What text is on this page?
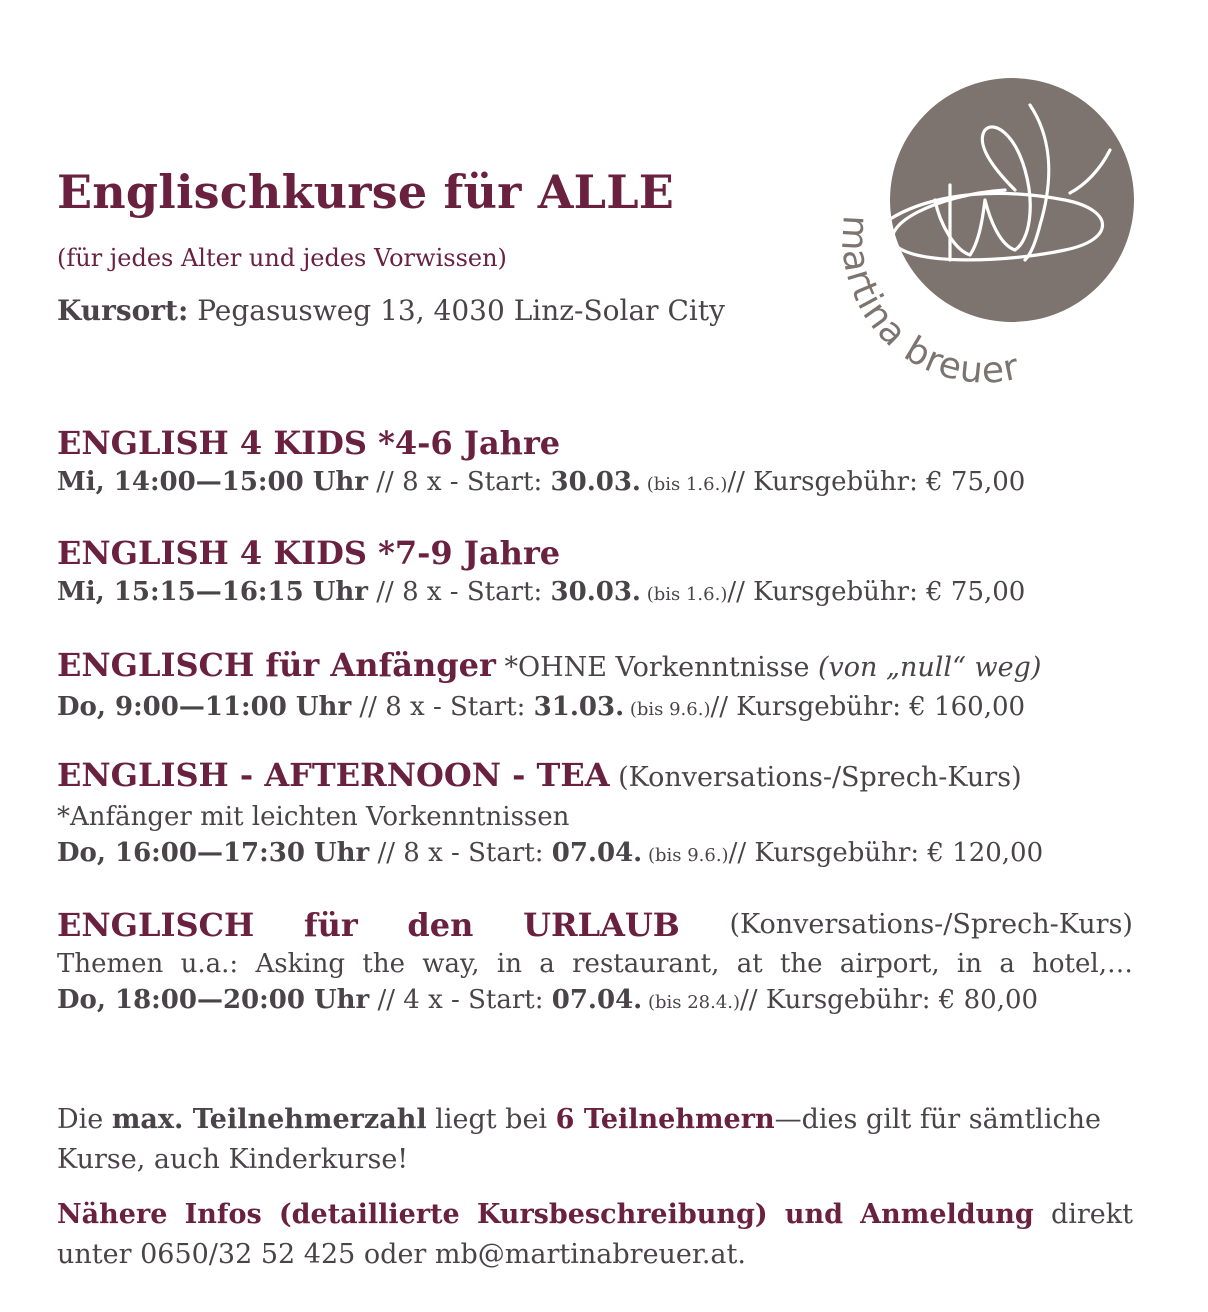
Englischkurse für ALLE
(für jedes Alter und jedes Vorwissen)
Kursort: Pegasusweg 13, 4030 Linz-Solar City
martina breuer
ENGLISH 4 KIDS *4-6 Jahre
Mi, 14:00—15:00 Uhr // 8 x - Start: 30.03. (bis 1.6.)// Kursgebühr: € 75,00
ENGLISH 4 KIDS *7-9 Jahre
Mi, 15:15—16:15 Uhr // 8 x - Start: 30.03. (bis 1.6.)// Kursgebühr: € 75,00
ENGLISCH für Anfänger *OHNE Vorkenntnisse (von „null“ weg)
Do, 9:00—11:00 Uhr // 8 x - Start: 31.03. (bis 9.6.)// Kursgebühr: € 160,00
ENGLISH - AFTERNOON - TEA (Konversations-/Sprech-Kurs)
*Anfänger mit leichten Vorkenntnissen
Do, 16:00—17:30 Uhr // 8 x - Start: 07.04. (bis 9.6.)// Kursgebühr: € 120,00
ENGLISCH für den URLAUB (Konversations-/Sprech-Kurs)
Themen u.a.: Asking the way, in a restaurant, at the airport, in a hotel,…
Do, 18:00—20:00 Uhr // 4 x - Start: 07.04. (bis 28.4.)// Kursgebühr: € 80,00
Die max. Teilnehmerzahl liegt bei 6 Teilnehmern—dies gilt für sämtliche
Kurse, auch Kinderkurse!
Nähere Infos (detaillierte Kursbeschreibung) und Anmeldung direkt
unter 0650/32 52 425 oder mb@martinabreuer.at.
